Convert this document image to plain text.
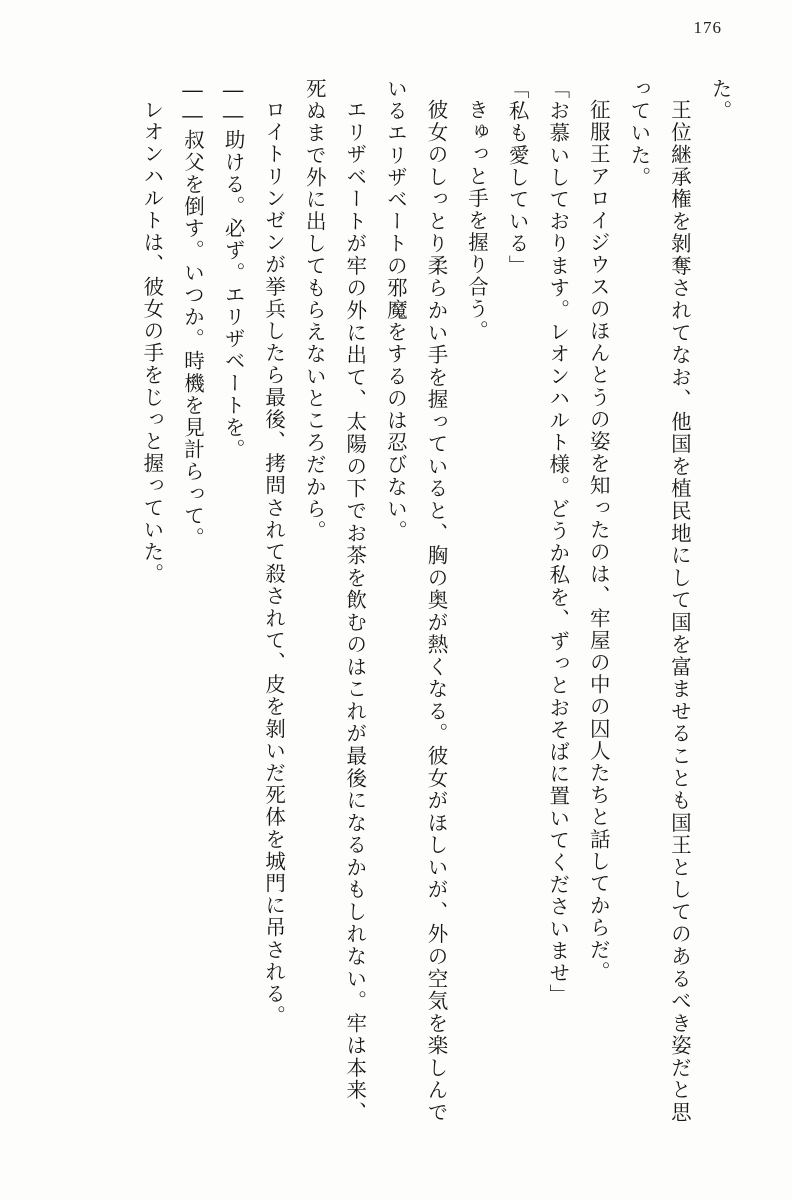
176

た。

王位継承権を剝奪されてなお、他国を植民地にして国を富ませることも国王としてのあるべき姿だと思っていた。

征服王アロイジウスのほんとうの姿を知ったのは、牢屋の中の囚人たちと話してからだ。

「お慕いしております。レオンハルト様。どうか私を、ずっとおそばに置いてくださいませ」

「私も愛している」

きゅっと手を握り合う。

彼女のしっとり柔らかい手を握っていると、胸の奥が熱くなる。彼女がほしいが、外の空気を楽しんでいるエリザベートの邪魔をするのは忍びない。

エリザベートが牢の外に出て、太陽の下でお茶を飲むのはこれが最後になるかもしれない。牢は本来、死ぬまで外に出してもらえないところだから。

ロイトリンゼンが挙兵したら最後、拷問されて殺されて、皮を剝いだ死体を城門に吊される。

――助ける。必ず。エリザベートを。

――叔父を倒す。いつか。時機を見計らって。

レオンハルトは、彼女の手をじっと握っていた。
